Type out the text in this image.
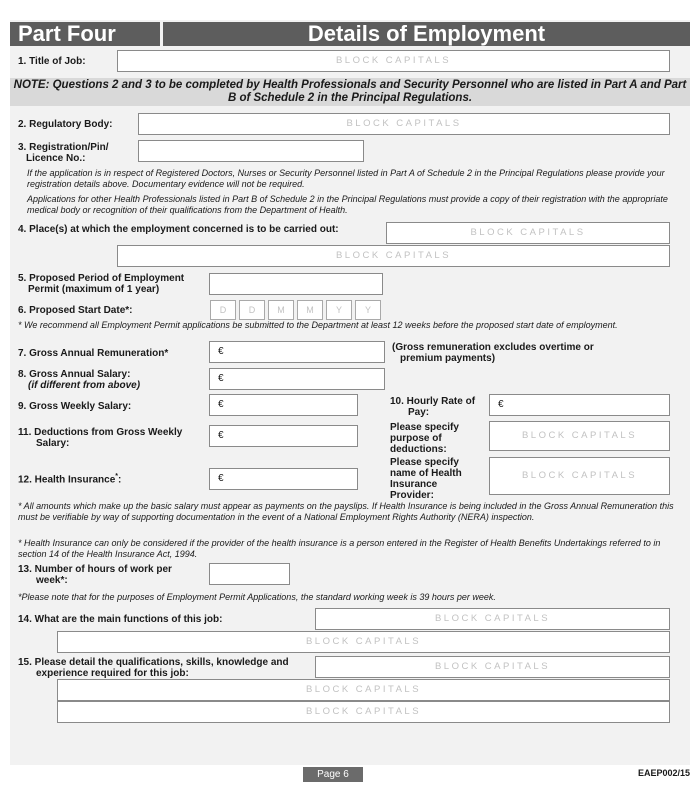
Part Four	Details of Employment
1. Title of Job:	BLOCK CAPITALS
NOTE: Questions 2 and 3 to be completed by Health Professionals and Security Personnel who are listed in Part A and Part B of Schedule 2 in the Principal Regulations.
2. Regulatory Body:	BLOCK CAPITALS
3. Registration/Pin/
Licence No.:
If the application is in respect of Registered Doctors, Nurses or Security Personnel listed in Part A of Schedule 2 in the Principal Regulations please provide your registration details above. Documentary evidence will not be required.
Applications for other Health Professionals listed in Part B of Schedule 2 in the Principal Regulations must provide a copy of their registration with the appropriate medical body or recognition of their qualifications from the Department of Health.
4. Place(s) at which the employment concerned is to be carried out:	BLOCK CAPITALS
BLOCK CAPITALS
5. Proposed Period of Employment
Permit (maximum of 1 year)
6. Proposed Start Date*:	D	D	M	M	Y	Y
* We recommend all Employment Permit applications be submitted to the Department at least 12 weeks before the proposed start date of employment.
7. Gross Annual Remuneration*	€	(Gross remuneration excludes overtime or
premium payments)
8. Gross Annual Salary:
(if different from above)
€
9. Gross Weekly Salary:	€	10. Hourly Rate of
Pay:
€
11. Deductions from Gross Weekly
Salary:
€
Please specify
purpose of
deductions:
BLOCK CAPITALS
12. Health Insurance*:	€
Please specify
name of Health
Insurance
Provider:
BLOCK CAPITALS
* All amounts which make up the basic salary must appear as payments on the payslips. If Health Insurance is being included in the Gross Annual Remuneration this must be verifiable by way of supporting documentation in the event of a National Employment Rights Authority (NERA) inspection.
* Health Insurance can only be considered if the provider of the health insurance is a person entered in the Register of Health Benefits Undertakings referred to in section 14 of the Health Insurance Act, 1994.
13. Number of hours of work per
week*:
*Please note that for the purposes of Employment Permit Applications, the standard working week is 39 hours per week.
14. What are the main functions of this job:	BLOCK CAPITALS
BLOCK CAPITALS
15. Please detail the qualifications, skills, knowledge and
experience required for this job:
BLOCK CAPITALS
BLOCK CAPITALS
BLOCK CAPITALS
Page 6	EAEP002/15
